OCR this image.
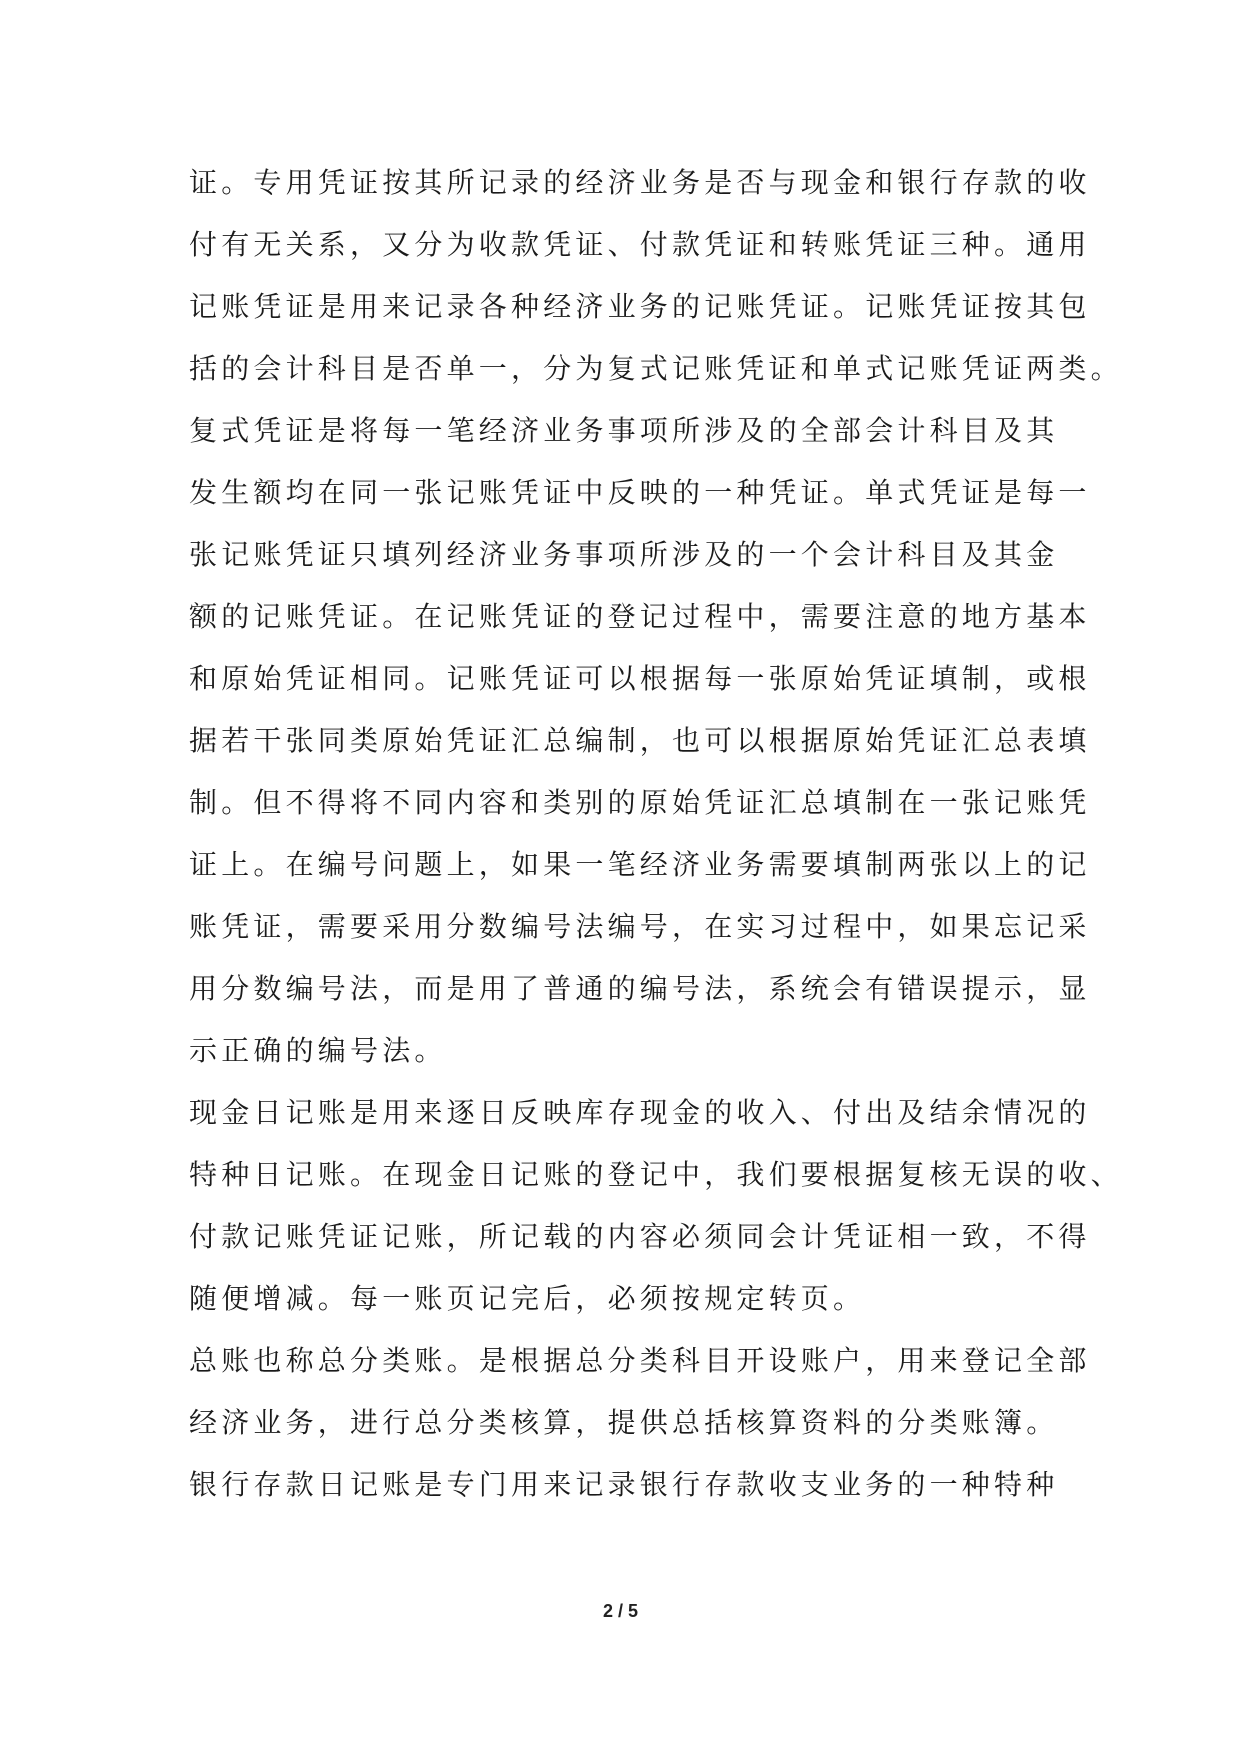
证。专用凭证按其所记录的经济业务是否与现金和银行存款的收
付有无关系，又分为收款凭证、付款凭证和转账凭证三种。通用
记账凭证是用来记录各种经济业务的记账凭证。记账凭证按其包
括的会计科目是否单一，分为复式记账凭证和单式记账凭证两类。
复式凭证是将每一笔经济业务事项所涉及的全部会计科目及其
发生额均在同一张记账凭证中反映的一种凭证。单式凭证是每一
张记账凭证只填列经济业务事项所涉及的一个会计科目及其金
额的记账凭证。在记账凭证的登记过程中，需要注意的地方基本
和原始凭证相同。记账凭证可以根据每一张原始凭证填制，或根
据若干张同类原始凭证汇总编制，也可以根据原始凭证汇总表填
制。但不得将不同内容和类别的原始凭证汇总填制在一张记账凭
证上。在编号问题上，如果一笔经济业务需要填制两张以上的记
账凭证，需要采用分数编号法编号，在实习过程中，如果忘记采
用分数编号法，而是用了普通的编号法，系统会有错误提示，显
示正确的编号法。
现金日记账是用来逐日反映库存现金的收入、付出及结余情况的
特种日记账。在现金日记账的登记中，我们要根据复核无误的收、
付款记账凭证记账，所记载的内容必须同会计凭证相一致，不得
随便增减。每一账页记完后，必须按规定转页。
总账也称总分类账。是根据总分类科目开设账户，用来登记全部
经济业务，进行总分类核算，提供总括核算资料的分类账簿。
银行存款日记账是专门用来记录银行存款收支业务的一种特种
2 / 5
